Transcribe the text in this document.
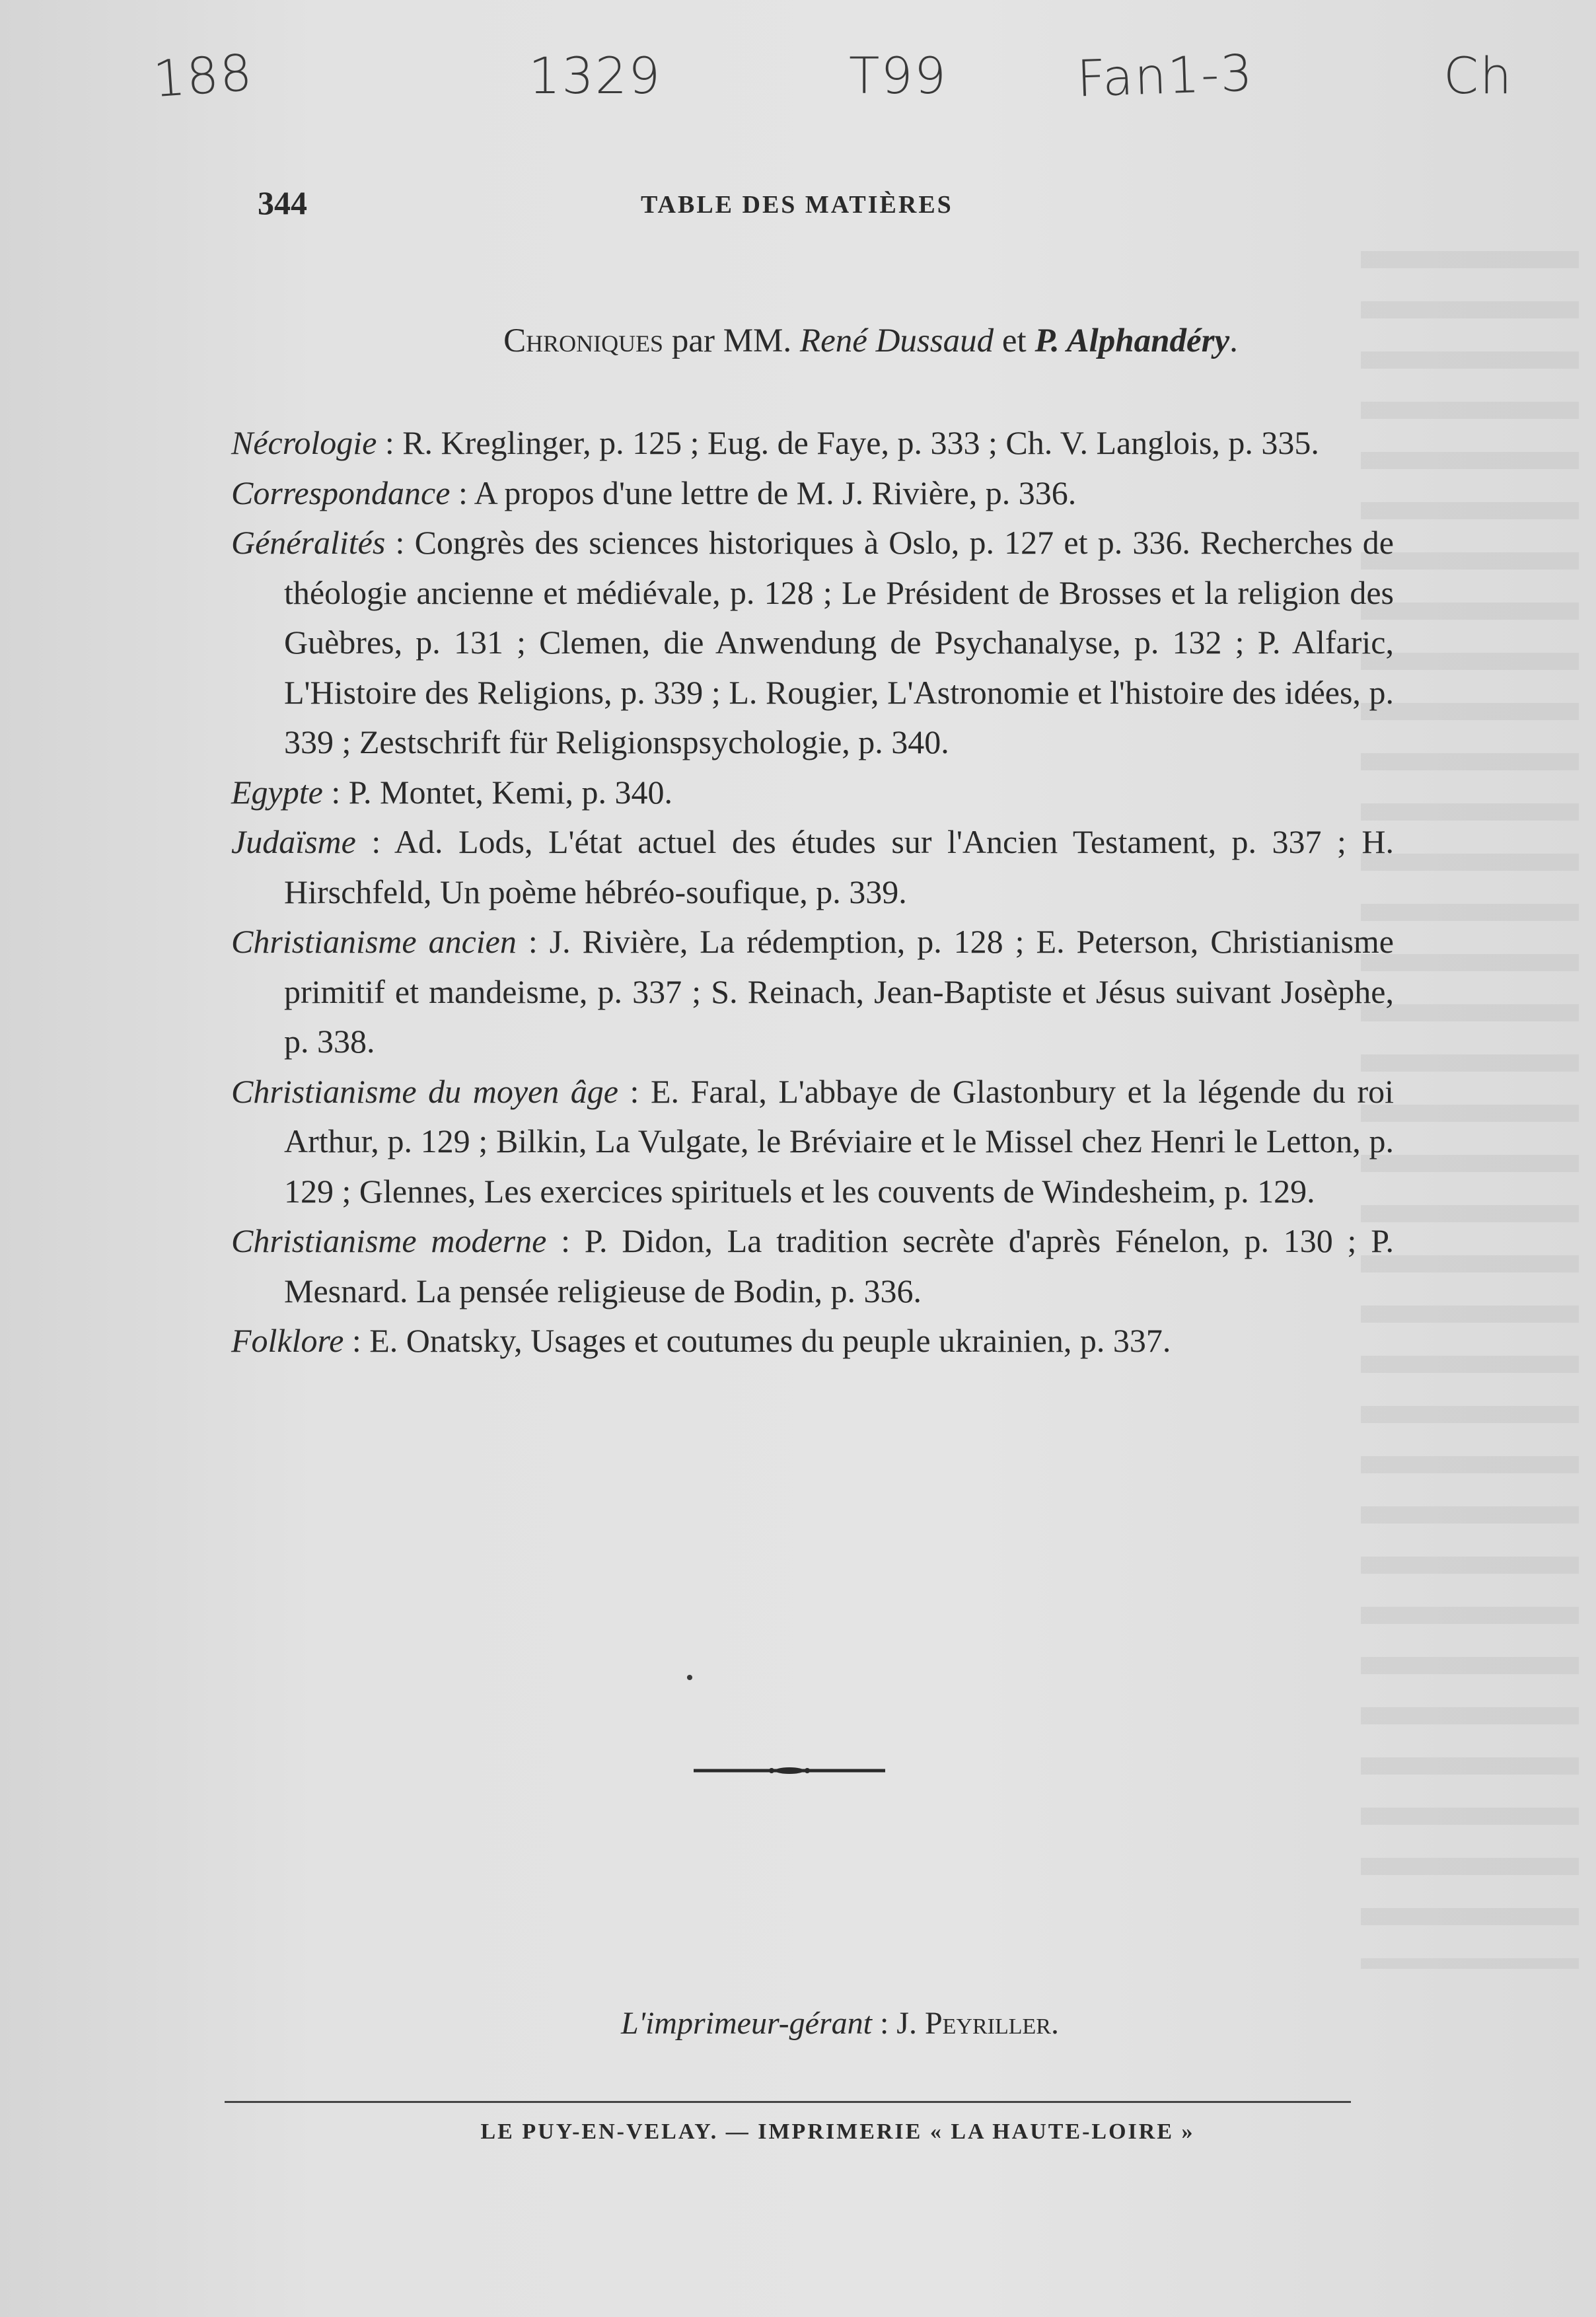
188	1329	T99	Fan1-3	Ch
344	TABLE DES MATIÈRES
Chroniques par MM. René Dussaud et P. Alphandéry.

Nécrologie : R. Kreglinger, p. 125 ; Eug. de Faye, p. 333 ; Ch. V. Langlois, p. 335.

Correspondance : A propos d'une lettre de M. J. Rivière, p. 336.

Généralités : Congrès des sciences historiques à Oslo, p. 127 et p. 336. Recherches de théologie ancienne et médiévale, p. 128 ; Le Président de Brosses et la religion des Guèbres, p. 131 ; Clemen, die Anwendung de Psychanalyse, p. 132 ; P. Alfaric, L'Histoire des Religions, p. 339 ; L. Rougier, L'Astronomie et l'histoire des idées, p. 339 ; Zestschrift für Religionspsychologie, p. 340.

Egypte : P. Montet, Kemi, p. 340.

Judaïsme : Ad. Lods, L'état actuel des études sur l'Ancien Testament, p. 337 ; H. Hirschfeld, Un poème hébréo-soufique, p. 339.

Christianisme ancien : J. Rivière, La rédemption, p. 128 ; E. Peterson, Christianisme primitif et mandeisme, p. 337 ; S. Reinach, Jean-Baptiste et Jésus suivant Josèphe, p. 338.

Christianisme du moyen âge : E. Faral, L'abbaye de Glastonbury et la légende du roi Arthur, p. 129 ; Bilkin, La Vulgate, le Bréviaire et le Missel chez Henri le Letton, p. 129 ; Glennes, Les exercices spirituels et les couvents de Windesheim, p. 129.

Christianisme moderne : P. Didon, La tradition secrète d'après Fénelon, p. 130 ; P. Mesnard. La pensée religieuse de Bodin, p. 336.

Folklore : E. Onatsky, Usages et coutumes du peuple ukrainien, p. 337.

L'imprimeur-gérant : J. Peyriller.
LE PUY-EN-VELAY. — IMPRIMERIE « LA HAUTE-LOIRE »
